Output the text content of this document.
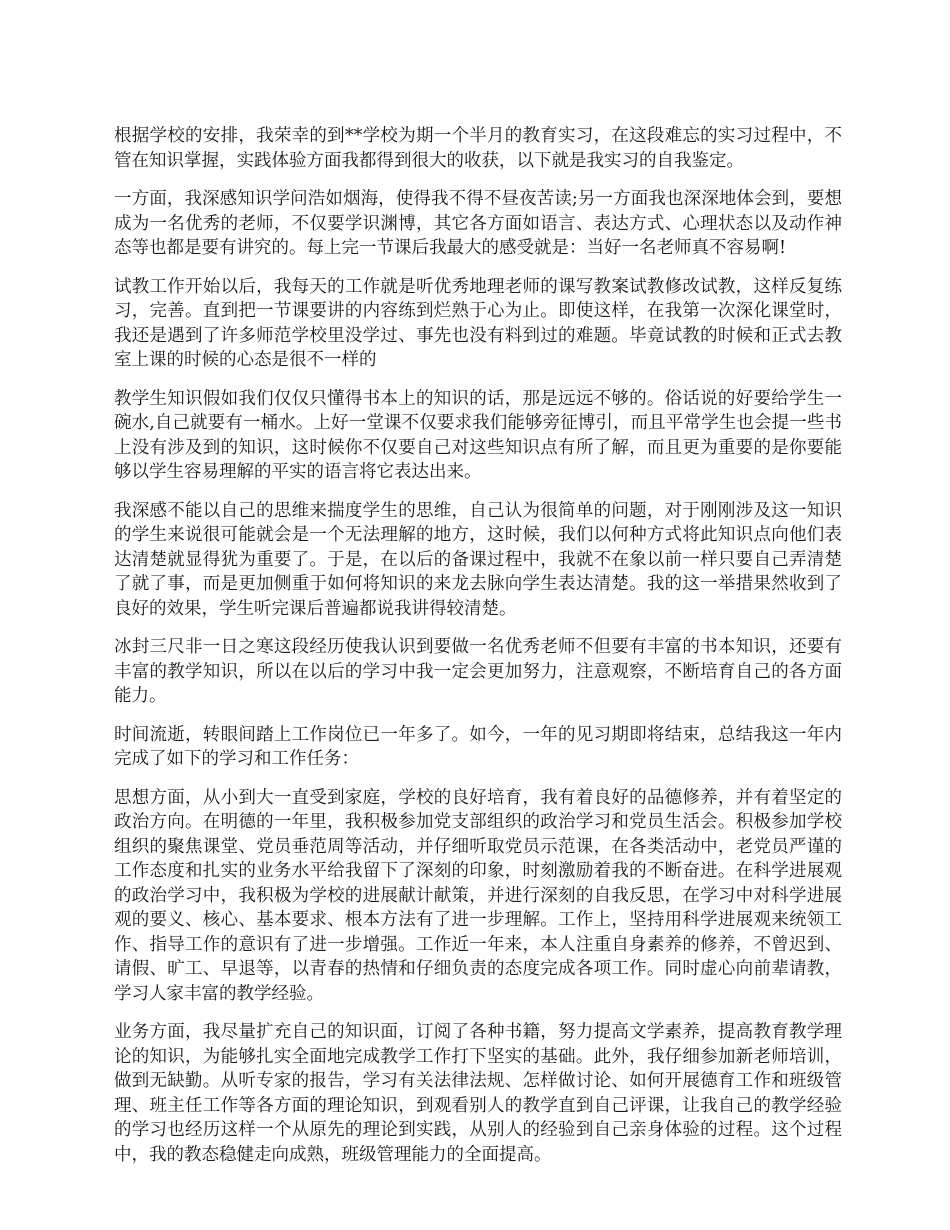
根据学校的安排，我荣幸的到**学校为期一个半月的教育实习，在这段难忘的实习过程中，不管在知识掌握，实践体验方面我都得到很大的收获，以下就是我实习的自我鉴定。

一方面，我深感知识学问浩如烟海，使得我不得不昼夜苦读;另一方面我也深深地体会到，要想成为一名优秀的老师，不仅要学识渊博，其它各方面如语言、表达方式、心理状态以及动作神态等也都是要有讲究的。每上完一节课后我最大的感受就是：当好一名老师真不容易啊!

试教工作开始以后，我每天的工作就是听优秀地理老师的课写教案试教修改试教，这样反复练习，完善。直到把一节课要讲的内容练到烂熟于心为止。即使这样，在我第一次深化课堂时，我还是遇到了许多师范学校里没学过、事先也没有料到过的难题。毕竟试教的时候和正式去教室上课的时候的心态是很不一样的

教学生知识假如我们仅仅只懂得书本上的知识的话，那是远远不够的。俗话说的好要给学生一碗水,自己就要有一桶水。上好一堂课不仅要求我们能够旁征博引，而且平常学生也会提一些书上没有涉及到的知识，这时候你不仅要自己对这些知识点有所了解，而且更为重要的是你要能够以学生容易理解的平实的语言将它表达出来。

我深感不能以自己的思维来揣度学生的思维，自己认为很简单的问题，对于刚刚涉及这一知识的学生来说很可能就会是一个无法理解的地方，这时候，我们以何种方式将此知识点向他们表达清楚就显得犹为重要了。于是，在以后的备课过程中，我就不在象以前一样只要自己弄清楚了就了事，而是更加侧重于如何将知识的来龙去脉向学生表达清楚。我的这一举措果然收到了良好的效果，学生听完课后普遍都说我讲得较清楚。

冰封三尺非一日之寒这段经历使我认识到要做一名优秀老师不但要有丰富的书本知识，还要有丰富的教学知识，所以在以后的学习中我一定会更加努力，注意观察，不断培育自己的各方面能力。

时间流逝，转眼间踏上工作岗位已一年多了。如今，一年的见习期即将结束，总结我这一年内完成了如下的学习和工作任务：

思想方面，从小到大一直受到家庭，学校的良好培育，我有着良好的品德修养，并有着坚定的政治方向。在明德的一年里，我积极参加党支部组织的政治学习和党员生活会。积极参加学校组织的聚焦课堂、党员垂范周等活动，并仔细听取党员示范课，在各类活动中，老党员严谨的工作态度和扎实的业务水平给我留下了深刻的印象，时刻激励着我的不断奋进。在科学进展观的政治学习中，我积极为学校的进展献计献策，并进行深刻的自我反思，在学习中对科学进展观的要义、核心、基本要求、根本方法有了进一步理解。工作上，坚持用科学进展观来统领工作、指导工作的意识有了进一步增强。工作近一年来，本人注重自身素养的修养，不曾迟到、请假、旷工、早退等，以青春的热情和仔细负责的态度完成各项工作。同时虚心向前辈请教，学习人家丰富的教学经验。

业务方面，我尽量扩充自己的知识面，订阅了各种书籍，努力提高文学素养，提高教育教学理论的知识，为能够扎实全面地完成教学工作打下坚实的基础。此外，我仔细参加新老师培训，做到无缺勤。从听专家的报告，学习有关法律法规、怎样做讨论、如何开展德育工作和班级管理、班主任工作等各方面的理论知识，到观看别人的教学直到自己评课，让我自己的教学经验的学习也经历这样一个从原先的理论到实践，从别人的经验到自己亲身体验的过程。这个过程中，我的教态稳健走向成熟，班级管理能力的全面提高。
